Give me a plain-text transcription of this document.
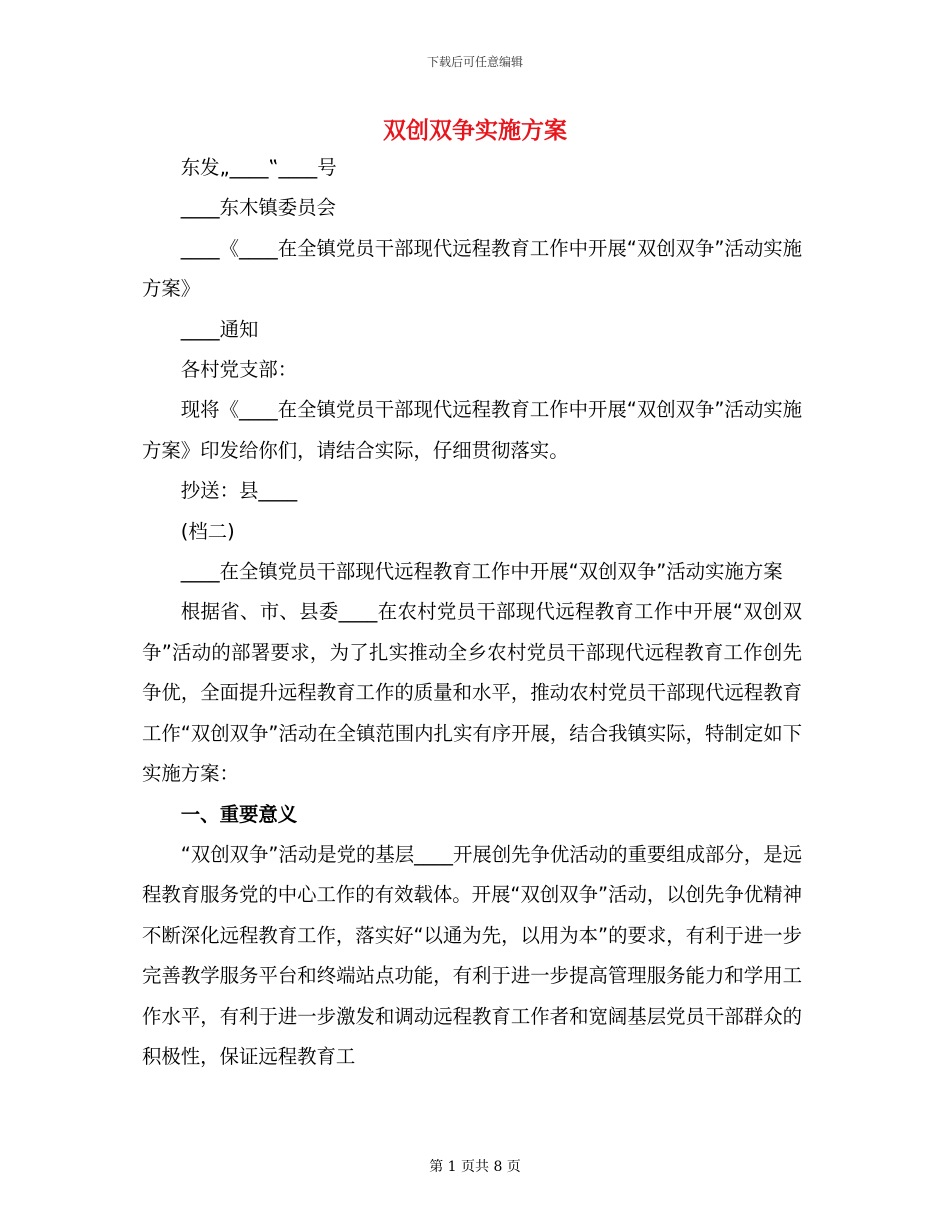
下载后可任意编辑
双创双争实施方案

东发„____‟____号

____东木镇委员会

____《____在全镇党员干部现代远程教育工作中开展“双创双争”活动实施方案》

____通知

各村党支部：

现将《____在全镇党员干部现代远程教育工作中开展“双创双争”活动实施方案》印发给你们，请结合实际，仔细贯彻落实。

抄送：县____

(档二)

____在全镇党员干部现代远程教育工作中开展“双创双争”活动实施方案

根据省、市、县委____在农村党员干部现代远程教育工作中开展“双创双争”活动的部署要求，为了扎实推动全乡农村党员干部现代远程教育工作创先争优，全面提升远程教育工作的质量和水平，推动农村党员干部现代远程教育工作“双创双争”活动在全镇范围内扎实有序开展，结合我镇实际，特制定如下实施方案：

一、重要意义

“双创双争”活动是党的基层____开展创先争优活动的重要组成部分，是远程教育服务党的中心工作的有效载体。开展“双创双争”活动，以创先争优精神不断深化远程教育工作，落实好“以通为先，以用为本”的要求，有利于进一步完善教学服务平台和终端站点功能，有利于进一步提高管理服务能力和学用工作水平，有利于进一步激发和调动远程教育工作者和宽阔基层党员干部群众的积极性，保证远程教育工

第 1 页共 8 页
